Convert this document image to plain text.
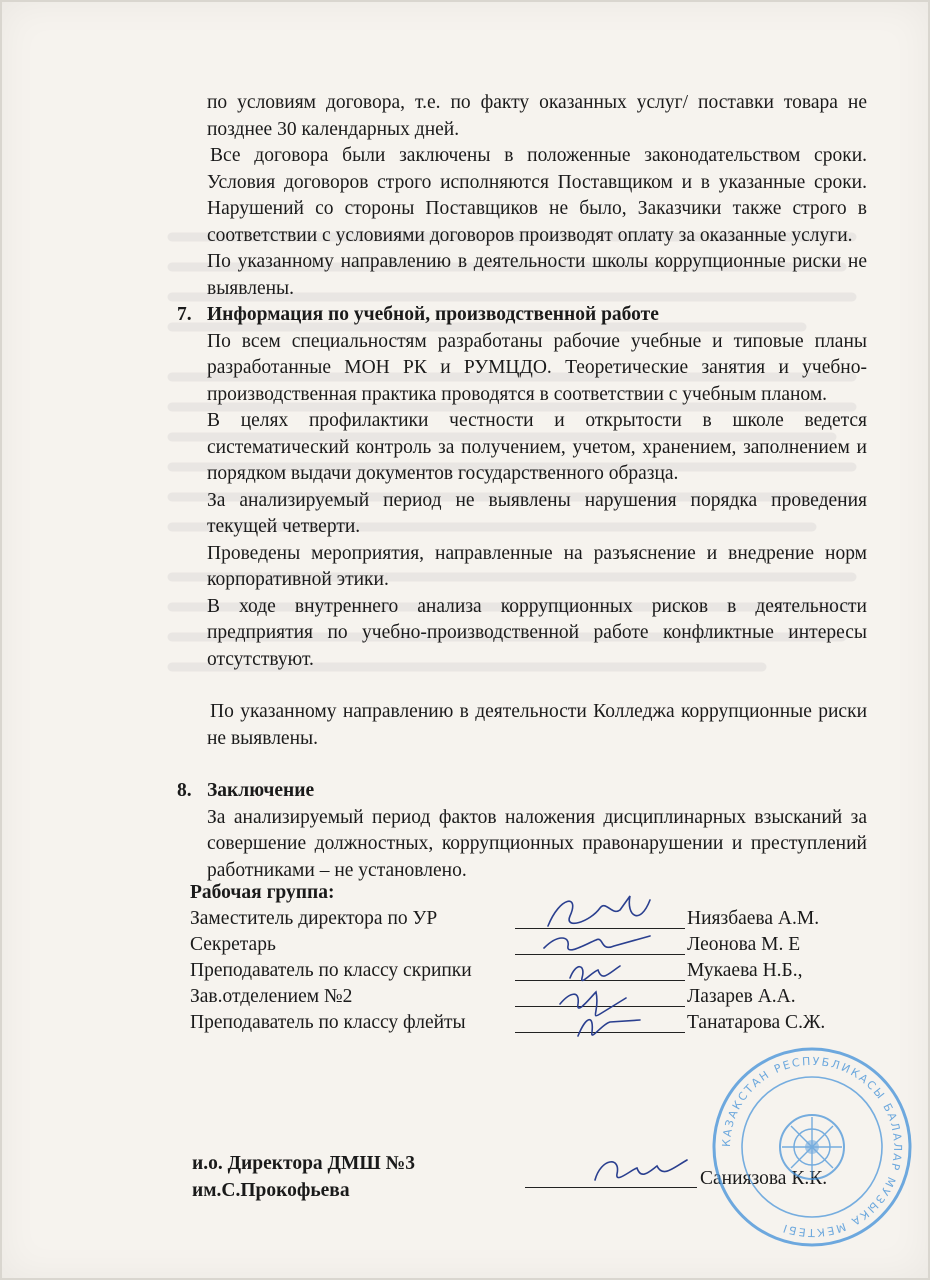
по условиям договора, т.е. по факту оказанных услуг/ поставки товара не позднее 30 календарных дней.

Все договора были заключены в положенные законодательством сроки. Условия договоров строго исполняются Поставщиком и в указанные сроки. Нарушений со стороны Поставщиков не было, Заказчики также строго в соответствии с условиями договоров производят оплату за оказанные услуги.

По указанному направлению в деятельности школы коррупционные риски не выявлены.

7. Информация по учебной, производственной работе

По всем специальностям разработаны рабочие учебные и типовые планы разработанные МОН РК и РУМЦДО. Теоретические занятия и учебно-производственная практика проводятся в соответствии с учебным планом.

В целях профилактики честности и открытости в школе ведется систематический контроль за получением, учетом, хранением, заполнением и порядком выдачи документов государственного образца.

За анализируемый период не выявлены нарушения порядка проведения текущей четверти.

Проведены мероприятия, направленные на разъяснение и внедрение норм корпоративной этики.

В ходе внутреннего анализа коррупционных рисков в деятельности предприятия по учебно-производственной работе конфликтные интересы отсутствуют.

По указанному направлению в деятельности Колледжа коррупционные риски не выявлены.

8. Заключение

За анализируемый период фактов наложения дисциплинарных взысканий за совершение должностных, коррупционных правонарушении и преступлений работниками – не установлено.

Рабочая группа:
Заместитель директора по УР	Ниязбаева А.М.
Секретарь	Леонова М. Е
Преподаватель по классу скрипки	Мукаева Н.Б.,
Зав.отделением №2	Лазарев А.А.
Преподаватель по классу флейты	Танатарова С.Ж.
и.о. Директора ДМШ №3
им.С.Прокофьева
Саниязова К.К.
КАЗАКСТАН РЕСПУБЛИКАСЫ БАЛАЛАР МУЗЫКА МЕКТЕБІ
